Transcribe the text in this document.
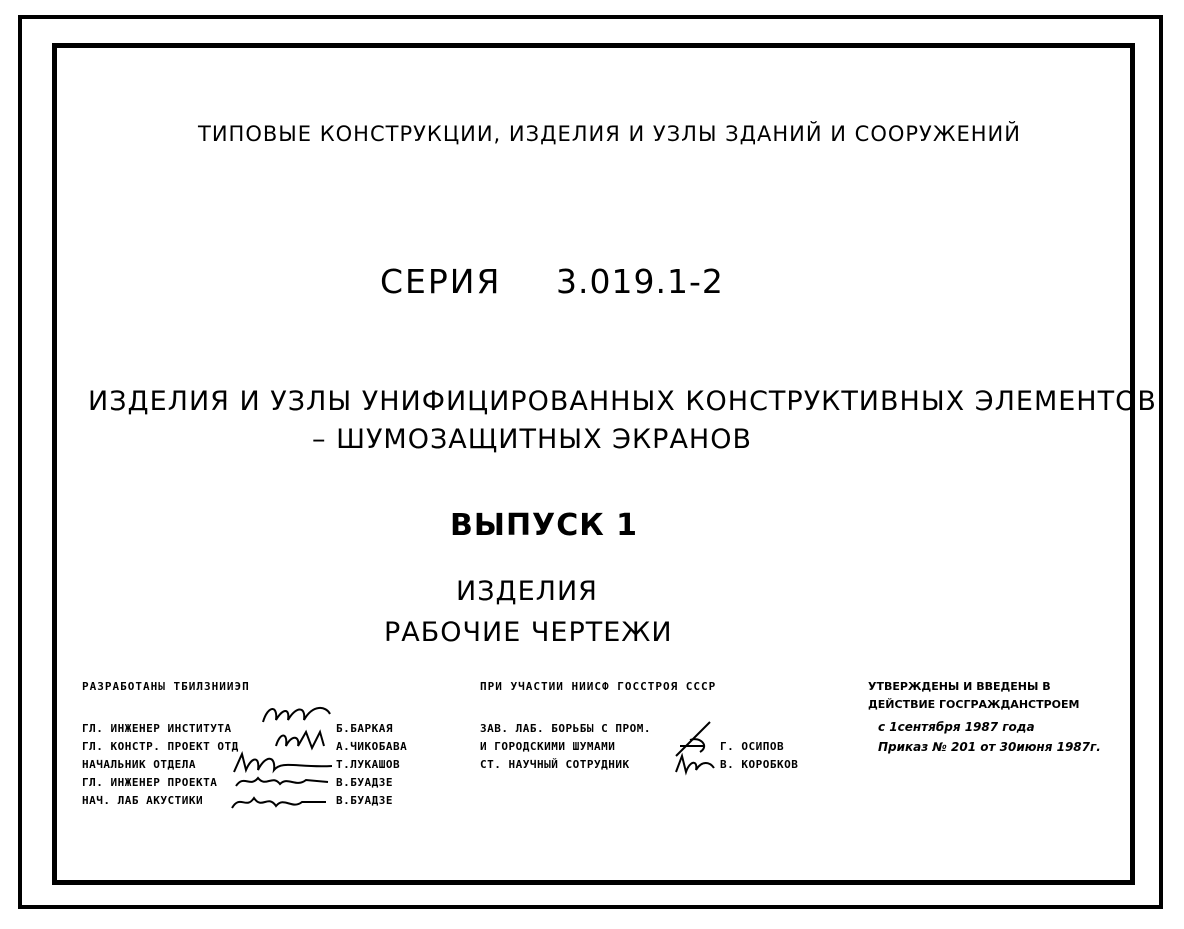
ТИПОВЫЕ КОНСТРУКЦИИ, ИЗДЕЛИЯ И УЗЛЫ ЗДАНИЙ И СООРУЖЕНИЙ
СЕРИЯ 3.019.1-2
ИЗДЕЛИЯ И УЗЛЫ УНИФИЦИРОВАННЫХ КОНСТРУКТИВНЫХ ЭЛЕМЕНТОВ
– ШУМОЗАЩИТНЫХ ЭКРАНОВ
ВЫПУСК 1
ИЗДЕЛИЯ
РАБОЧИЕ ЧЕРТЕЖИ
РАЗРАБОТАНЫ ТБИЛЗНИИЭП
ГЛ. ИНЖЕНЕР ИНСТИТУТА	Б.БАРКАЯ
ГЛ. КОНСТР. ПРОЕКТ ОТД	А.ЧИКОБАВА
НАЧАЛЬНИК ОТДЕЛА	Т.ЛУКАШОВ
ГЛ. ИНЖЕНЕР ПРОЕКТА	В.БУАДЗЕ
НАЧ. ЛАБ АКУСТИКИ	В.БУАДЗЕ
ПРИ УЧАСТИИ НИИСФ ГОССТРОЯ СССР
ЗАВ. ЛАБ. БОРЬБЫ С ПРОМ.
И ГОРОДСКИМИ ШУМАМИ	Г. ОСИПОВ
СТ. НАУЧНЫЙ СОТРУДНИК	В. КОРОБКОВ
УТВЕРЖДЕНЫ И ВВЕДЕНЫ В
ДЕЙСТВИЕ ГОСГРАЖДАНСТРОЕМ
с 1сентября 1987 года
Приказ № 201 от 30июня 1987г.
